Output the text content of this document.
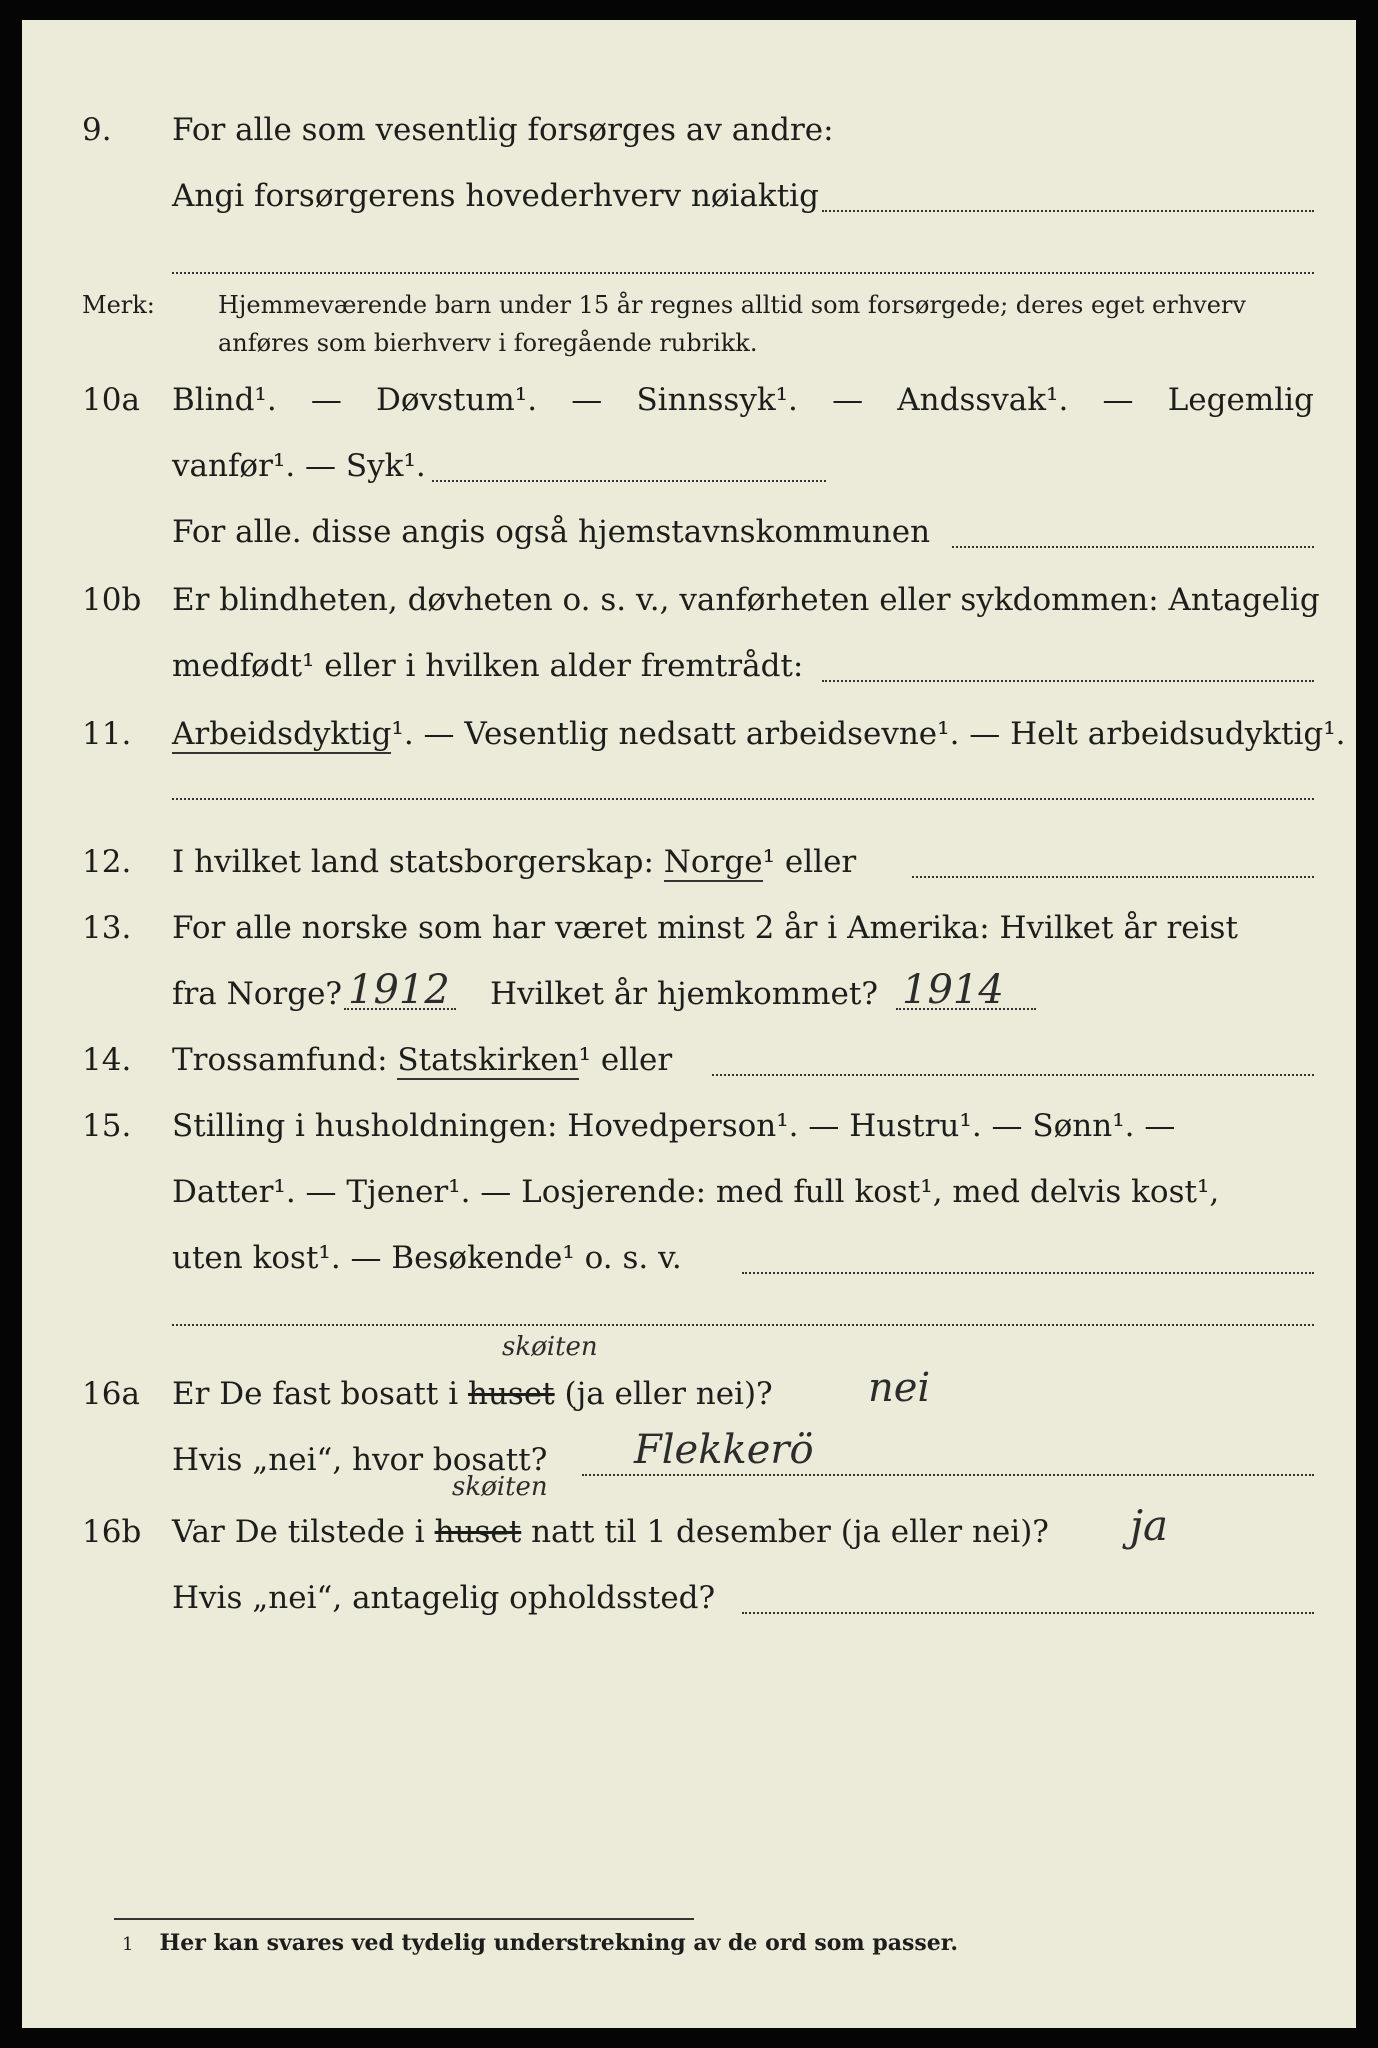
9. For alle som vesentlig forsørges av andre:
Angi forsørgerens hovederhverv nøiaktig
Merk:	Hjemmeværende barn under 15 år regnes alltid som forsørgede; deres eget erhverv
anføres som bierhverv i foregående rubrikk.
10a Blind¹. — Døvstum¹. — Sinnssyk¹. — Andssvak¹. — Legemlig
vanfør¹. — Syk¹.
For alle. disse angis også hjemstavnskommunen
10b Er blindheten, døvheten o. s. v., vanførheten eller sykdommen: Antagelig
medfødt¹ eller i hvilken alder fremtrådt:
11. Arbeidsdyktig¹. — Vesentlig nedsatt arbeidsevne¹. — Helt arbeidsudyktig¹.
12. I hvilket land statsborgerskap: Norge¹ eller
13. For alle norske som har været minst 2 år i Amerika: Hvilket år reist
fra Norge? 1912 Hvilket år hjemkommet? 1914
14. Trossamfund: Statskirken¹ eller
15. Stilling i husholdningen: Hovedperson¹. — Hustru¹. — Sønn¹. —
Datter¹. — Tjener¹. — Losjerende: med full kost¹, med delvis kost¹,
uten kost¹. — Besøkende¹ o. s. v.
skøiten
16a Er De fast bosatt i huset (ja eller nei)? nei
Hvis „nei“, hvor bosatt? Flekkerö
skøiten
16b Var De tilstede i huset natt til 1 desember (ja eller nei)? ja
Hvis „nei“, antagelig opholdssted?
1 Her kan svares ved tydelig understrekning av de ord som passer.
